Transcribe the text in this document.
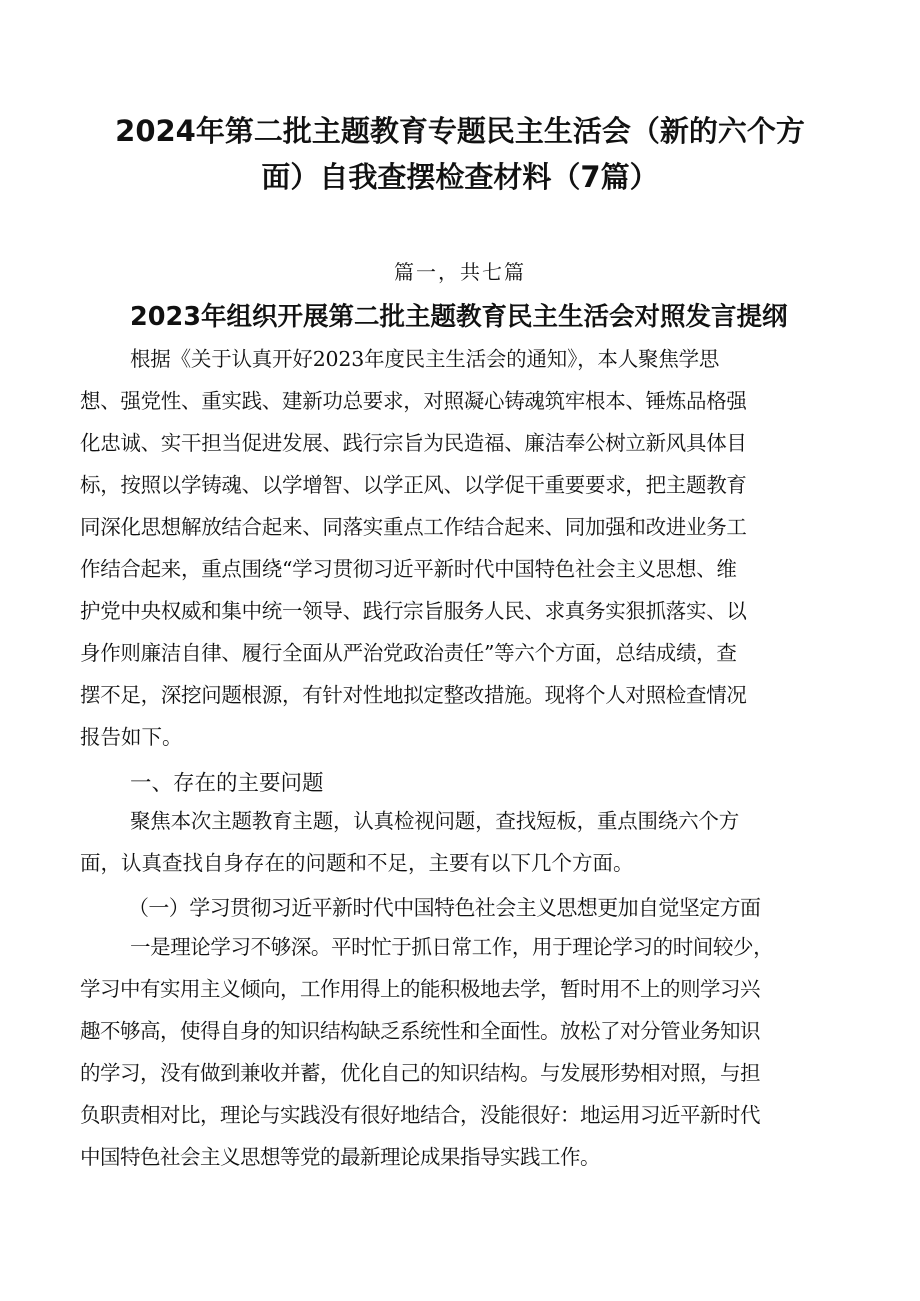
2024年第二批主题教育专题民主生活会（新的六个方
面）自我查摆检查材料（7篇）
篇一，共七篇
2023年组织开展第二批主题教育民主生活会对照发言提纲
根据《关于认真开好2023年度民主生活会的通知》，本人聚焦学思
想、强党性、重实践、建新功总要求，对照凝心铸魂筑牢根本、锤炼品格强
化忠诚、实干担当促进发展、践行宗旨为民造福、廉洁奉公树立新风具体目
标，按照以学铸魂、以学增智、以学正风、以学促干重要要求，把主题教育
同深化思想解放结合起来、同落实重点工作结合起来、同加强和改进业务工
作结合起来，重点围绕“学习贯彻习近平新时代中国特色社会主义思想、维
护党中央权威和集中统一领导、践行宗旨服务人民、求真务实狠抓落实、以
身作则廉洁自律、履行全面从严治党政治责任”等六个方面，总结成绩，查
摆不足，深挖问题根源，有针对性地拟定整改措施。现将个人对照检查情况
报告如下。
一、存在的主要问题
聚焦本次主题教育主题，认真检视问题，查找短板，重点围绕六个方
面，认真查找自身存在的问题和不足，主要有以下几个方面。
（一）学习贯彻习近平新时代中国特色社会主义思想更加自觉坚定方面
一是理论学习不够深。平时忙于抓日常工作，用于理论学习的时间较少，
学习中有实用主义倾向，工作用得上的能积极地去学，暂时用不上的则学习兴
趣不够高，使得自身的知识结构缺乏系统性和全面性。放松了对分管业务知识
的学习，没有做到兼收并蓄，优化自己的知识结构。与发展形势相对照，与担
负职责相对比，理论与实践没有很好地结合，没能很好：地运用习近平新时代
中国特色社会主义思想等党的最新理论成果指导实践工作。
